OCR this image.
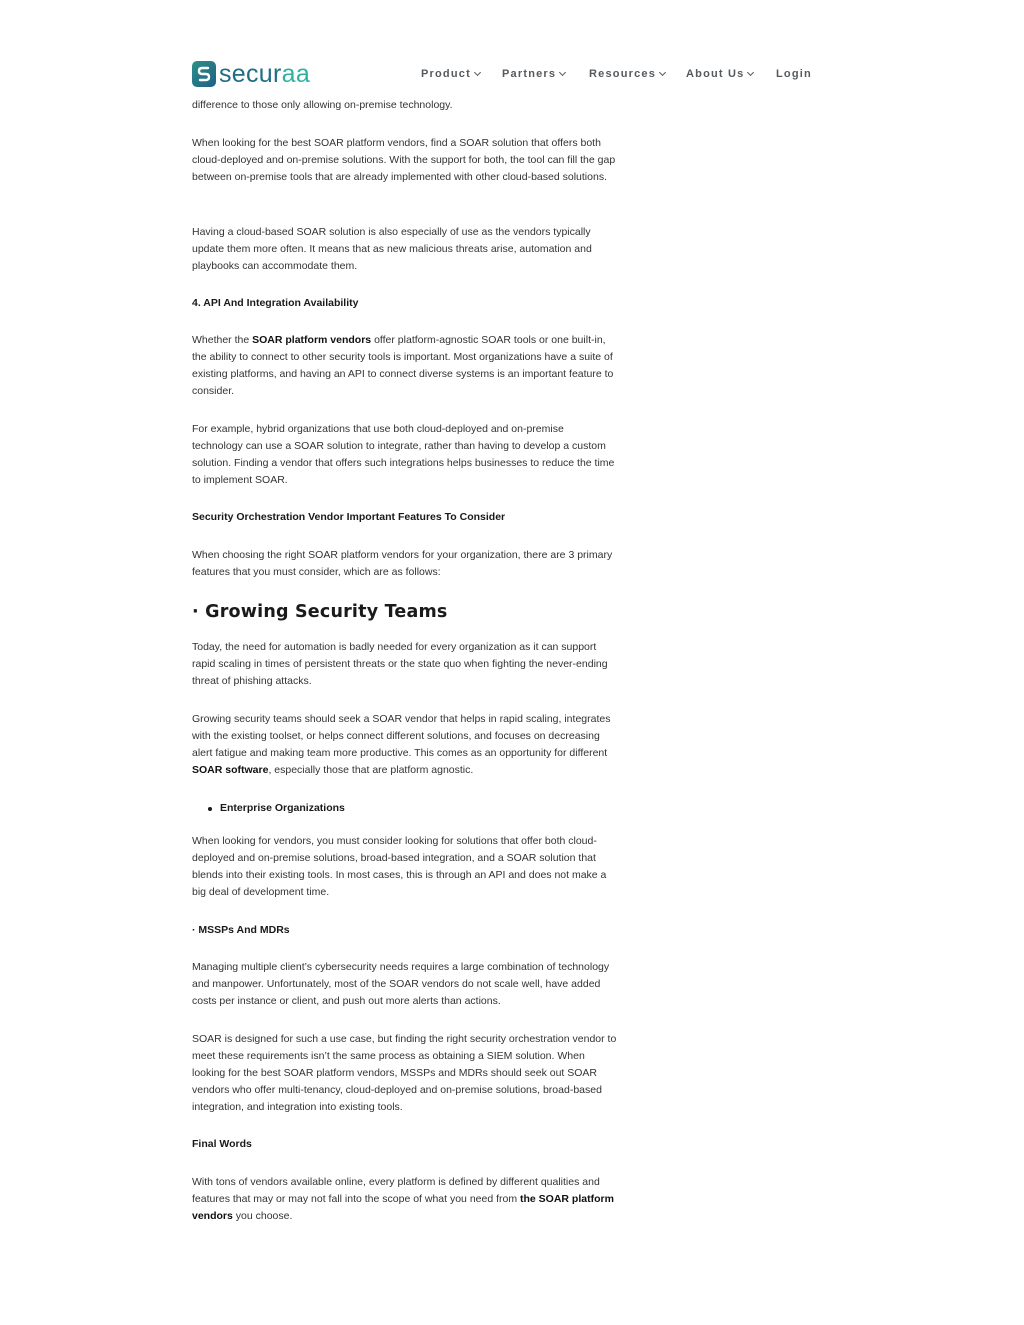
securaa	Product	Partners	Resources	About Us	Login

difference to those only allowing on-premise technology.

When looking for the best SOAR platform vendors, find a SOAR solution that offers both cloud-deployed and on-premise solutions. With the support for both, the tool can fill the gap between on-premise tools that are already implemented with other cloud-based solutions.

Having a cloud-based SOAR solution is also especially of use as the vendors typically update them more often. It means that as new malicious threats arise, automation and playbooks can accommodate them.

4. API And Integration Availability

Whether the SOAR platform vendors offer platform-agnostic SOAR tools or one built-in, the ability to connect to other security tools is important. Most organizations have a suite of existing platforms, and having an API to connect diverse systems is an important feature to consider.

For example, hybrid organizations that use both cloud-deployed and on-premise technology can use a SOAR solution to integrate, rather than having to develop a custom solution. Finding a vendor that offers such integrations helps businesses to reduce the time to implement SOAR.

Security Orchestration Vendor Important Features To Consider

When choosing the right SOAR platform vendors for your organization, there are 3 primary features that you must consider, which are as follows:

· Growing Security Teams

Today, the need for automation is badly needed for every organization as it can support rapid scaling in times of persistent threats or the state quo when fighting the never-ending threat of phishing attacks.

Growing security teams should seek a SOAR vendor that helps in rapid scaling, integrates with the existing toolset, or helps connect different solutions, and focuses on decreasing alert fatigue and making team more productive. This comes as an opportunity for different SOAR software, especially those that are platform agnostic.

Enterprise Organizations

When looking for vendors, you must consider looking for solutions that offer both cloud-deployed and on-premise solutions, broad-based integration, and a SOAR solution that blends into their existing tools. In most cases, this is through an API and does not make a big deal of development time.

· MSSPs And MDRs

Managing multiple client’s cybersecurity needs requires a large combination of technology and manpower. Unfortunately, most of the SOAR vendors do not scale well, have added costs per instance or client, and push out more alerts than actions.

SOAR is designed for such a use case, but finding the right security orchestration vendor to meet these requirements isn’t the same process as obtaining a SIEM solution. When looking for the best SOAR platform vendors, MSSPs and MDRs should seek out SOAR vendors who offer multi-tenancy, cloud-deployed and on-premise solutions, broad-based integration, and integration into existing tools.

Final Words

With tons of vendors available online, every platform is defined by different qualities and features that may or may not fall into the scope of what you need from the SOAR platform vendors you choose.
